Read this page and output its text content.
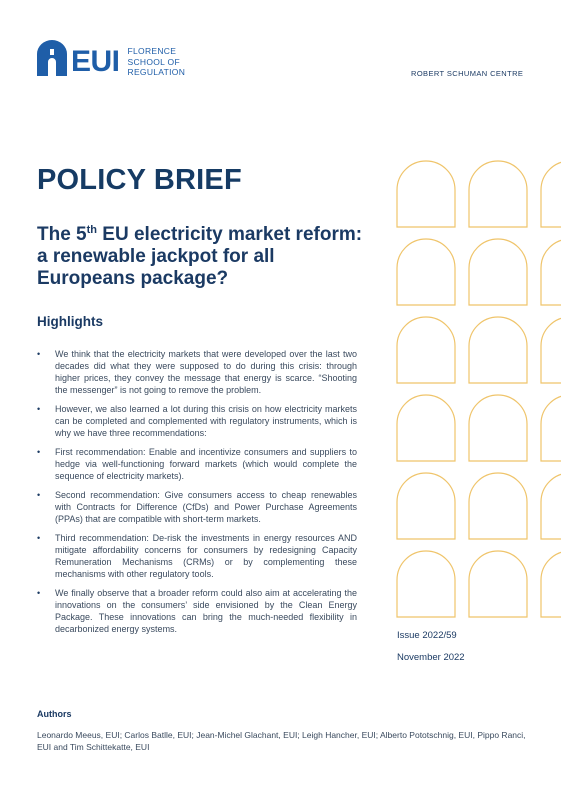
EUI FLORENCE
SCHOOL OF
REGULATION	ROBERT SCHUMAN CENTRE
POLICY BRIEF
The 5th EU electricity market reform: a renewable jackpot for all Europeans package?
Highlights
• We think that the electricity markets that were developed over the last two decades did what they were supposed to do during this crisis: through higher prices, they convey the message that energy is scarce. “Shooting the messenger” is not going to remove the problem.
• However, we also learned a lot during this crisis on how electricity markets can be completed and complemented with regulatory instruments, which is why we have three recommendations:
• First recommendation: Enable and incentivize consumers and suppliers to hedge via well-functioning forward markets (which would complete the sequence of electricity markets).
• Second recommendation: Give consumers access to cheap renewables with Contracts for Difference (CfDs) and Power Purchase Agreements (PPAs) that are compatible with short-term markets.
• Third recommendation: De-risk the investments in energy resources AND mitigate affordability concerns for consumers by redesigning Capacity Remuneration Mechanisms (CRMs) or by complementing these mechanisms with other regulatory tools.
• We finally observe that a broader reform could also aim at accelerating the innovations on the consumers’ side envisioned by the Clean Energy Package. These innovations can bring the much-needed flexibility in decarbonized energy systems.
Issue 2022/59
November 2022
Authors
Leonardo Meeus, EUI; Carlos Batlle, EUI; Jean-Michel Glachant, EUI; Leigh Hancher, EUI; Alberto Pototschnig, EUI, Pippo Ranci, EUI and Tim Schittekatte, EUI
